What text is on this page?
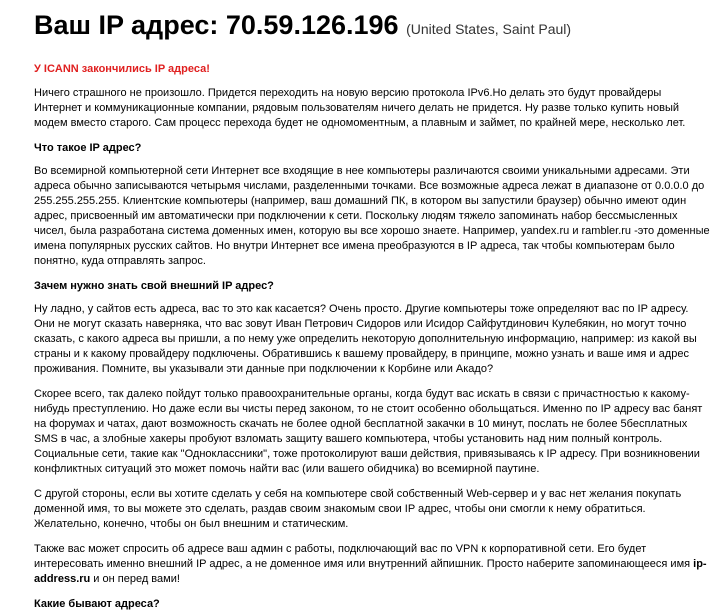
Ваш IP адрес: 70.59.126.196 (United States, Saint Paul)

У ICANN закончились IP адреса!

Ничего страшного не произошло. Придется переходить на новую версию протокола IPv6.Но делать это будут провайдеры Интернет и коммуникационные компании, рядовым пользователям ничего делать не придется. Ну разве только купить новый модем вместо старого. Сам процесс перехода будет не одномоментным, а плавным и займет, по крайней мере, несколько лет.

Что такое IP адрес?

Во всемирной компьютерной сети Интернет все входящие в нее компьютеры различаются своими уникальными адресами. Эти адреса обычно записываются четырьмя числами, разделенными точками. Все возможные адреса лежат в диапазоне от 0.0.0.0 до 255.255.255.255. Клиентские компьютеры (например, ваш домашний ПК, в котором вы запустили браузер) обычно имеют один адрес, присвоенный им автоматически при подключении к сети. Поскольку людям тяжело запоминать набор бессмысленных чисел, была разработана система доменных имен, которую вы все хорошо знаете. Например, yandex.ru и rambler.ru -это доменные имена популярных русских сайтов. Но внутри Интернет все имена преобразуются в IP адреса, так чтобы компьютерам было понятно, куда отправлять запрос.

Зачем нужно знать свой внешний IP адрес?

Ну ладно, у сайтов есть адреса, вас то это как касается? Очень просто. Другие компьютеры тоже определяют вас по IP адресу. Они не могут сказать наверняка, что вас зовут Иван Петрович Сидоров или Исидор Сайфутдинович Кулебякин, но могут точно сказать, с какого адреса вы пришли, а по нему уже определить некоторую дополнительную информацию, например: из какой вы страны и к какому провайдеру подключены. Обратившись к вашему провайдеру, в принципе, можно узнать и ваше имя и адрес проживания. Помните, вы указывали эти данные при подключении к Корбине или Акадо?

Скорее всего, так далеко пойдут только правоохранительные органы, когда будут вас искать в связи с причастностью к какому-нибудь преступлению. Но даже если вы чисты перед законом, то не стоит особенно обольщаться. Именно по IP адресу вас банят на форумах и чатах, дают возможность скачать не более одной бесплатной закачки в 10 минут, послать не более 5бесплатных SMS в час, а злобные хакеры пробуют взломать защиту вашего компьютера, чтобы установить над ним полный контроль. Социальные сети, такие как "Одноклассники", тоже протоколируют ваши действия, привязываясь к IP адресу. При возникновении конфликтных ситуаций это может помочь найти вас (или вашего обидчика) во всемирной паутине.

С другой стороны, если вы хотите сделать у себя на компьютере свой собственный Web-сервер и у вас нет желания покупать доменной имя, то вы можете это сделать, раздав своим знакомым свои IP адрес, чтобы они смогли к нему обратиться. Желательно, конечно, чтобы он был внешним и статическим.

Также вас может спросить об адресе ваш админ с работы, подключающий вас по VPN к корпоративной сети. Его будет интересовать именно внешний IP адрес, а не доменное имя или внутренний айпишник. Просто наберите запоминающееся имя ip-address.ru и он перед вами!

Какие бывают адреса?
